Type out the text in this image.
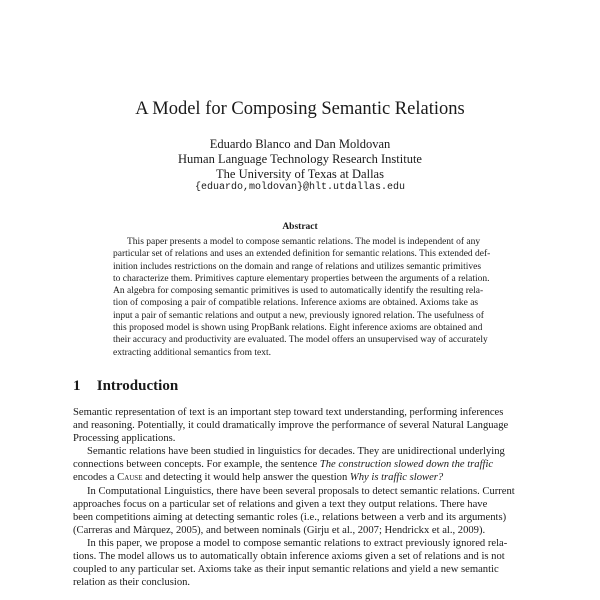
A Model for Composing Semantic Relations
Eduardo Blanco and Dan Moldovan
Human Language Technology Research Institute
The University of Texas at Dallas
{eduardo,moldovan}@hlt.utdallas.edu
Abstract
This paper presents a model to compose semantic relations. The model is independent of any
particular set of relations and uses an extended definition for semantic relations. This extended def-
inition includes restrictions on the domain and range of relations and utilizes semantic primitives
to characterize them. Primitives capture elementary properties between the arguments of a relation.
An algebra for composing semantic primitives is used to automatically identify the resulting rela-
tion of composing a pair of compatible relations. Inference axioms are obtained. Axioms take as
input a pair of semantic relations and output a new, previously ignored relation. The usefulness of
this proposed model is shown using PropBank relations. Eight inference axioms are obtained and
their accuracy and productivity are evaluated. The model offers an unsupervised way of accurately
extracting additional semantics from text.
1 Introduction
Semantic representation of text is an important step toward text understanding, performing inferences
and reasoning. Potentially, it could dramatically improve the performance of several Natural Language
Processing applications.
Semantic relations have been studied in linguistics for decades. They are unidirectional underlying
connections between concepts. For example, the sentence The construction slowed down the traffic
encodes a Cause and detecting it would help answer the question Why is traffic slower?
In Computational Linguistics, there have been several proposals to detect semantic relations. Current
approaches focus on a particular set of relations and given a text they output relations. There have
been competitions aiming at detecting semantic roles (i.e., relations between a verb and its arguments)
(Carreras and Màrquez, 2005), and between nominals (Girju et al., 2007; Hendrickx et al., 2009).
In this paper, we propose a model to compose semantic relations to extract previously ignored rela-
tions. The model allows us to automatically obtain inference axioms given a set of relations and is not
coupled to any particular set. Axioms take as their input semantic relations and yield a new semantic
relation as their conclusion.
